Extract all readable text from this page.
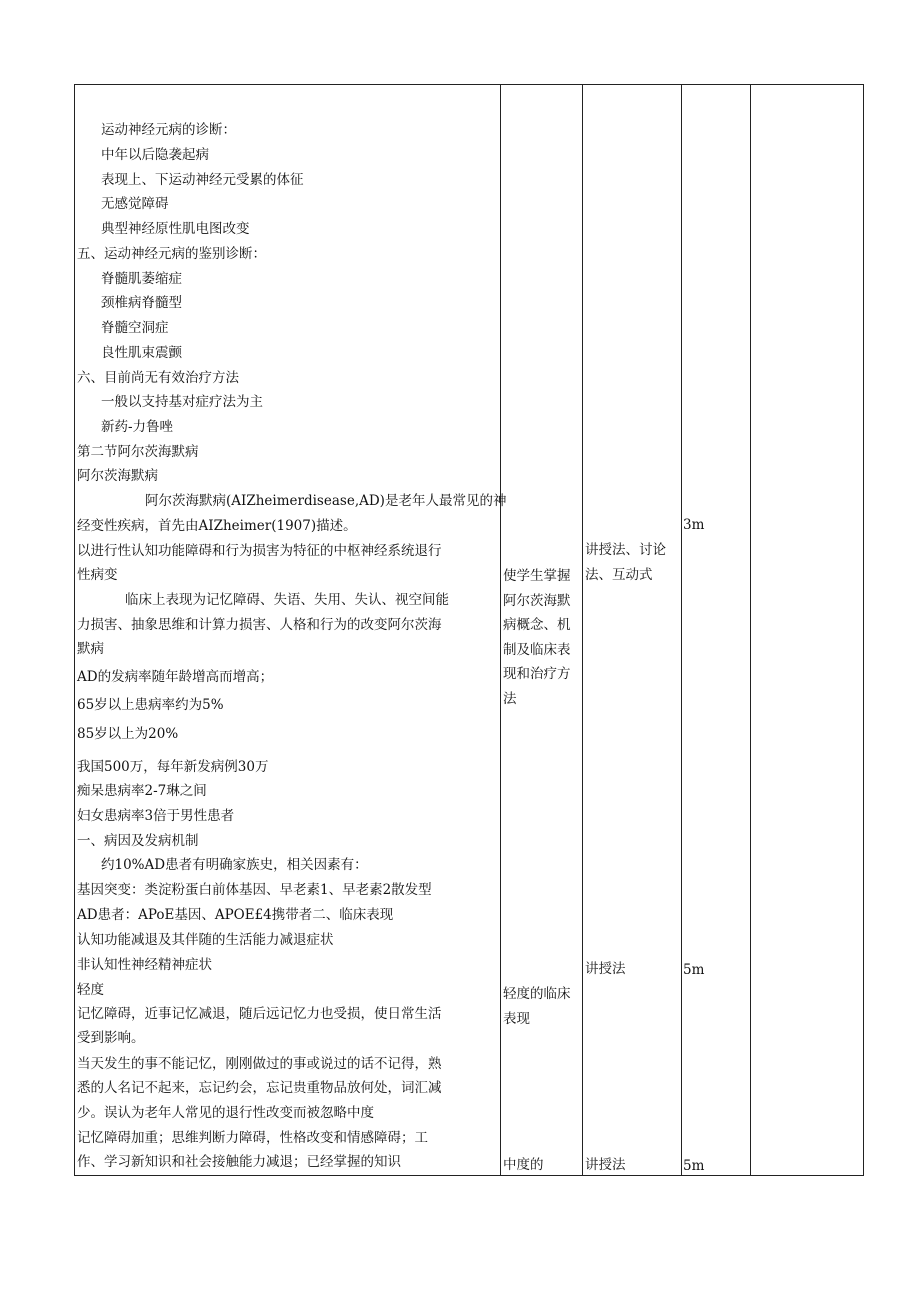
运动神经元病的诊断：
中年以后隐袭起病
表现上、下运动神经元受累的体征
无感觉障碍
典型神经原性肌电图改变
五、运动神经元病的鉴别诊断：
脊髓肌萎缩症
颈椎病脊髓型
脊髓空洞症
良性肌束震颤
六、目前尚无有效治疗方法
一般以支持基对症疗法为主
新药-力鲁唑
第二节阿尔茨海默病
阿尔茨海默病
阿尔茨海默病(AIZheimerdisease,AD)是老年人最常见的神
经变性疾病，首先由AIZheimer(1907)描述。
以进行性认知功能障碍和行为损害为特征的中枢神经系统退行
性病变
临床上表现为记忆障碍、失语、失用、失认、视空间能
力损害、抽象思维和计算力损害、人格和行为的改变阿尔茨海
默病
AD的发病率随年龄增高而增高；
65岁以上患病率约为5%
85岁以上为20%
我国500万，每年新发病例30万
痴呆患病率2-7琳之间
妇女患病率3倍于男性患者
一、病因及发病机制
约10%AD患者有明确家族史，相关因素有：
基因突变：类淀粉蛋白前体基因、早老素1、早老素2散发型
AD患者：APoE基因、APOE£4携带者二、临床表现
认知功能减退及其伴随的生活能力减退症状
非认知性神经精神症状
轻度
记忆障碍，近事记忆减退，随后远记忆力也受损，使日常生活
受到影响。
当天发生的事不能记忆，刚刚做过的事或说过的话不记得，熟
悉的人名记不起来，忘记约会，忘记贵重物品放何处，词汇减
少。误认为老年人常见的退行性改变而被忽略中度
记忆障碍加重；思维判断力障碍，性格改变和情感障碍；工
作、学习新知识和社会接触能力减退；已经掌握的知识
使学生掌握
阿尔茨海默
病概念、机
制及临床表
现和治疗方
法
轻度的临床
表现
中度的
讲授法、讨论
法、互动式
讲授法
讲授法
3m
5m
5m
